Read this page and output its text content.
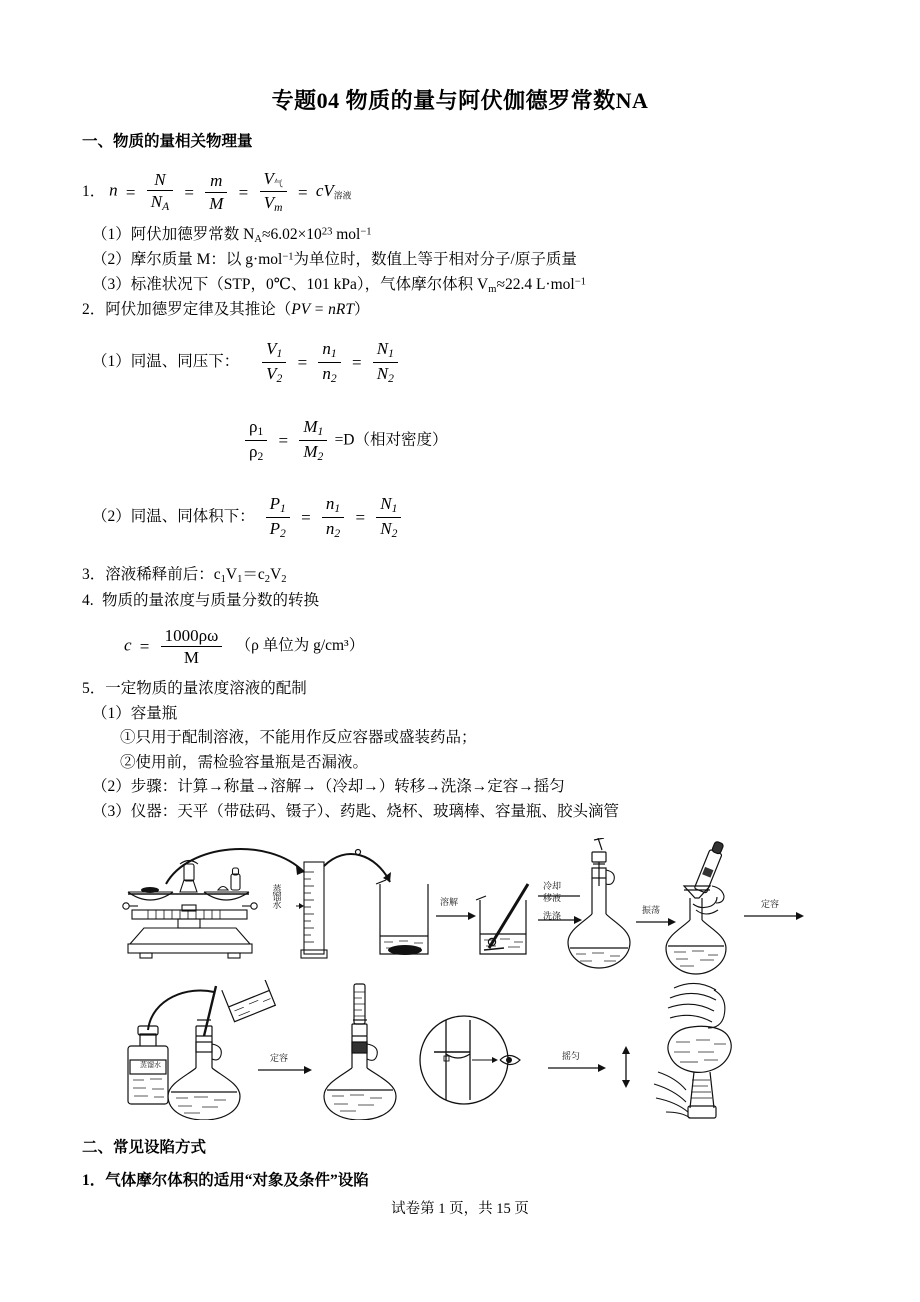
专题04 物质的量与阿伏伽德罗常数NA
一、物质的量相关物理量
1． $n = \frac{N}{N_A} = \frac{m}{M} = \frac{V_气}{V_m} = cV_{溶液}$
（1）阿伏加德罗常数 $N_A\approx 6.02\times 10^{23}$ mol$^{-1}$
（2）摩尔质量 M：以 g·mol$^{-1}$为单位时，数值上等于相对分子/原子质量
（3）标准状况下（STP，0℃、101 kPa），气体摩尔体积 $V_m\approx 22.4$ L·mol$^{-1}$
2．阿伏加德罗定律及其推论（PV = nRT）
（1）同温、同压下： $\frac{V_1}{V_2} = \frac{n_1}{n_2} = \frac{N_1}{N_2}$
$\frac{\rho_1}{\rho_2} = \frac{M_1}{M_2} =D$（相对密度）
（2）同温、同体积下： $\frac{P_1}{P_2} = \frac{n_1}{n_2} = \frac{N_1}{N_2}$
3．溶液稀释前后：$c_1V_1=c_2V_2$
4. 物质的量浓度与质量分数的转换
$c = \frac{1000\rho\omega}{M} (\rho$ 单位为 g/cm³）
5．一定物质的量浓度溶液的配制
（1）容量瓶
①只用于配制溶液，不能用作反应容器或盛装药品；
②使用前，需检验容量瓶是否漏液。
（2）步骤：计算→称量→溶解→（冷却→）转移→洗涤→定容→摇匀
（3）仪器：天平（带砝码、镊子）、药匙、烧杯、玻璃棒、容量瓶、胶头滴管
蒸馏水	溶解
冷却
移液
洗涤
振荡
定容
蒸馏水
定容	摇匀
二、常见设陷方式
1．气体摩尔体积的适用“对象及条件”设陷
试卷第 1 页，共 15 页
